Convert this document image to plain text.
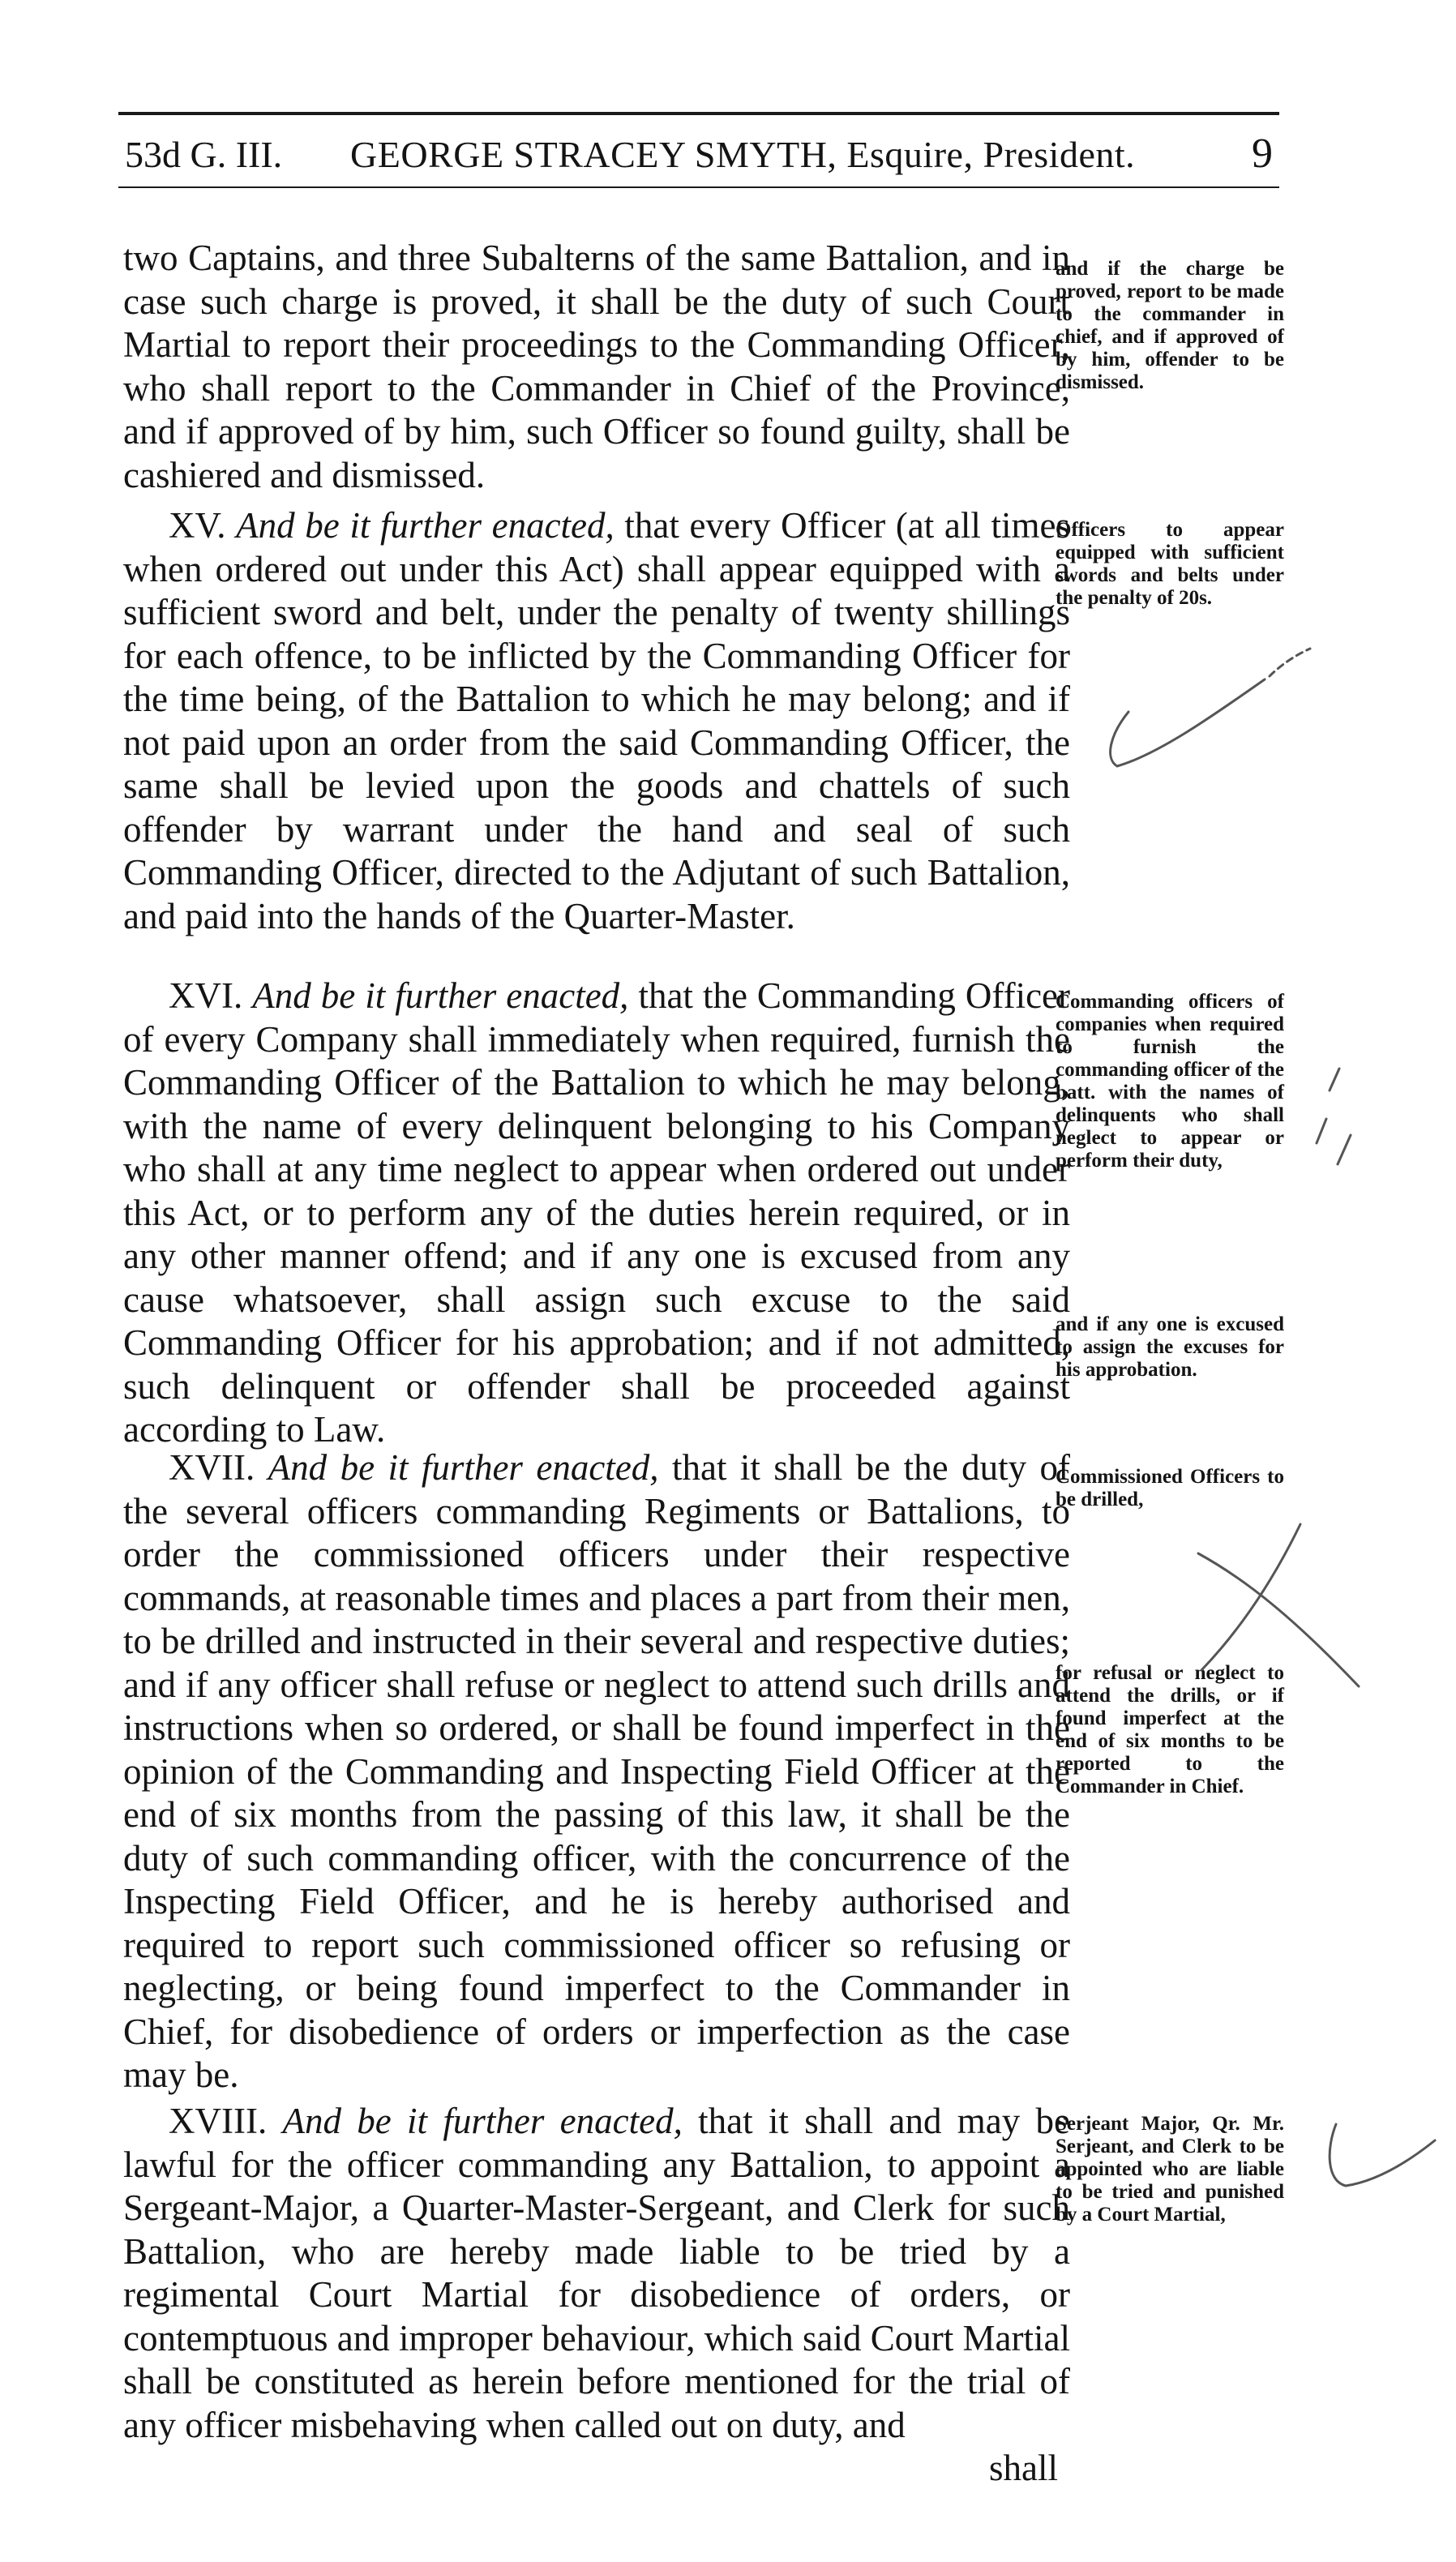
53d G. III. GEORGE STRACEY SMYTH, Esquire, President.	9

two Captains, and three Subalterns of the same Battalion, and in case such charge is proved, it shall be the duty of such Court Martial to report their proceedings to the Commanding Officer, who shall report to the Commander in Chief of the Province, and if approved of by him, such Officer so found guilty, shall be cashiered and dismissed.

and if the charge be proved, report to be made to the commander in chief, and if approved of by him, offender to be dismissed.

XV. And be it further enacted, that every Officer (at all times when ordered out under this Act) shall appear equipped with a sufficient sword and belt, under the penalty of twenty shillings for each offence, to be inflicted by the Commanding Officer for the time being, of the Battalion to which he may belong; and if not paid upon an order from the said Commanding Officer, the same shall be levied upon the goods and chattels of such offender by warrant under the hand and seal of such Commanding Officer, directed to the Adjutant of such Battalion, and paid into the hands of the Quarter-Master.

Officers to appear equipped with sufficient swords and belts under the penalty of 20s.

XVI. And be it further enacted, that the Commanding Officer of every Company shall immediately when required, furnish the Commanding Officer of the Battalion to which he may belong, with the name of every delinquent belonging to his Company who shall at any time neglect to appear when ordered out under this Act, or to perform any of the duties herein required, or in any other manner offend; and if any one is excused from any cause whatsoever, shall assign such excuse to the said Commanding Officer for his approbation; and if not admitted, such delinquent or offender shall be proceeded against according to Law.

Commanding officers of companies when required to furnish the commanding officer of the batt. with the names of delinquents who shall neglect to appear or perform their duty,
and if any one is excused to assign the excuses for his approbation.

XVII. And be it further enacted, that it shall be the duty of the several officers commanding Regiments or Battalions, to order the commissioned officers under their respective commands, at reasonable times and places a part from their men, to be drilled and instructed in their several and respective duties; and if any officer shall refuse or neglect to attend such drills and instructions when so ordered, or shall be found imperfect in the opinion of the Commanding and Inspecting Field Officer at the end of six months from the passing of this law, it shall be the duty of such commanding officer, with the concurrence of the Inspecting Field Officer, and he is hereby authorised and required to report such commissioned officer so refusing or neglecting, or being found imperfect to the Commander in Chief, for disobedience of orders or imperfection as the case may be.

Commissioned Officers to be drilled,
for refusal or neglect to attend the drills, or if found imperfect at the end of six months to be reported to the Commander in Chief.

XVIII. And be it further enacted, that it shall and may be lawful for the officer commanding any Battalion, to appoint a Sergeant-Major, a Quarter-Master-Sergeant, and Clerk for such Battalion, who are hereby made liable to be tried by a regimental Court Martial for disobedience of orders, or contemptuous and improper behaviour, which said Court Martial shall be constituted as herein before mentioned for the trial of any officer misbehaving when called out on duty, and

Serjeant Major, Qr. Mr. Serjeant, and Clerk to be appointed who are liable to be tried and punished by a Court Martial,
shall
